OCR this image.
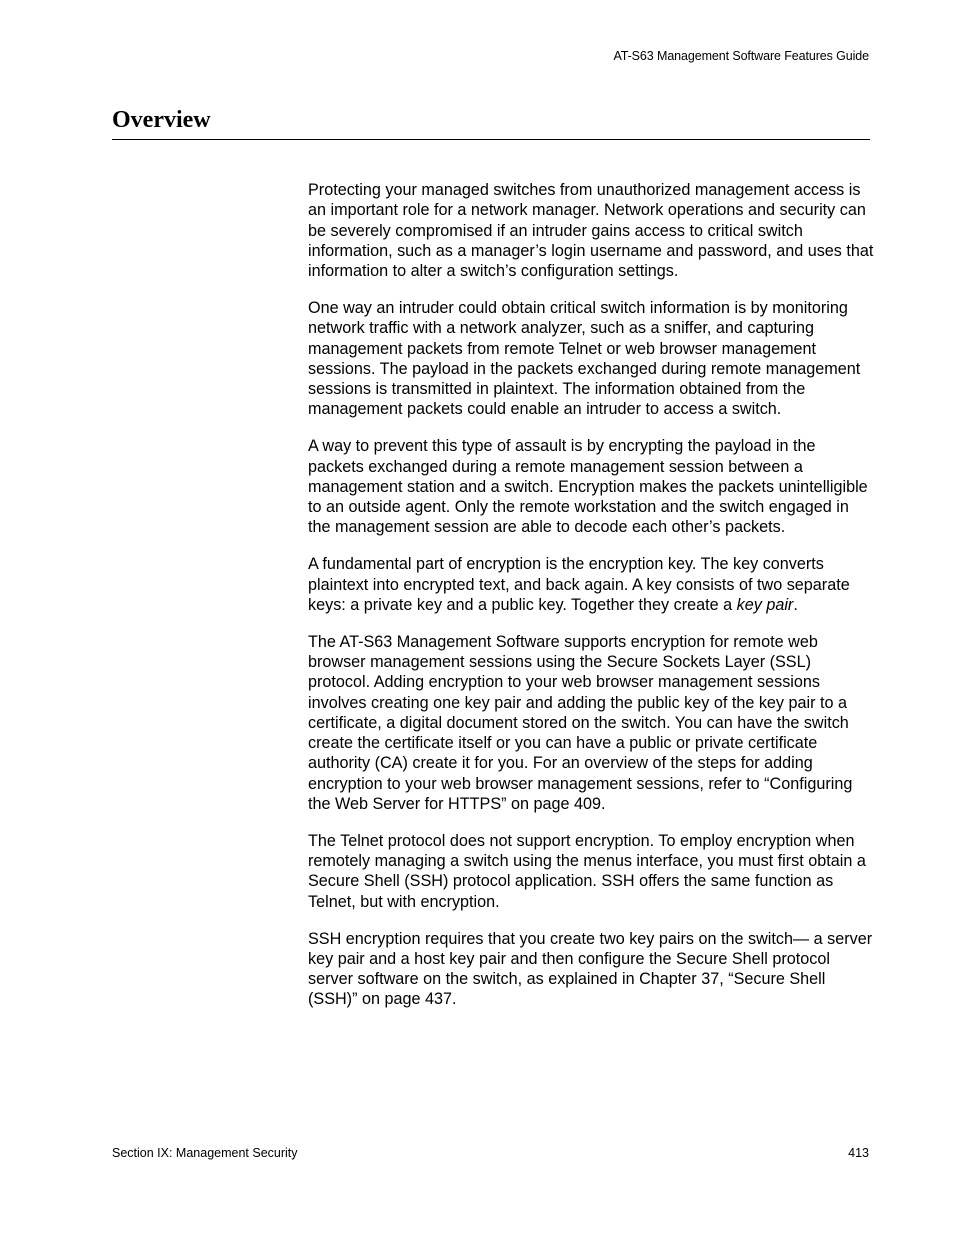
AT-S63 Management Software Features Guide
Overview

Protecting your managed switches from unauthorized management access is an important role for a network manager. Network operations and security can be severely compromised if an intruder gains access to critical switch information, such as a manager’s login username and password, and uses that information to alter a switch’s configuration settings.

One way an intruder could obtain critical switch information is by monitoring network traffic with a network analyzer, such as a sniffer, and capturing management packets from remote Telnet or web browser management sessions. The payload in the packets exchanged during remote management sessions is transmitted in plaintext. The information obtained from the management packets could enable an intruder to access a switch.

A way to prevent this type of assault is by encrypting the payload in the packets exchanged during a remote management session between a management station and a switch. Encryption makes the packets unintelligible to an outside agent. Only the remote workstation and the switch engaged in the management session are able to decode each other’s packets.

A fundamental part of encryption is the encryption key. The key converts plaintext into encrypted text, and back again. A key consists of two separate keys: a private key and a public key. Together they create a key pair.

The AT-S63 Management Software supports encryption for remote web browser management sessions using the Secure Sockets Layer (SSL) protocol. Adding encryption to your web browser management sessions involves creating one key pair and adding the public key of the key pair to a certificate, a digital document stored on the switch. You can have the switch create the certificate itself or you can have a public or private certificate authority (CA) create it for you. For an overview of the steps for adding encryption to your web browser management sessions, refer to “Configuring the Web Server for HTTPS” on page 409.

The Telnet protocol does not support encryption. To employ encryption when remotely managing a switch using the menus interface, you must first obtain a Secure Shell (SSH) protocol application. SSH offers the same function as Telnet, but with encryption.

SSH encryption requires that you create two key pairs on the switch— a server key pair and a host key pair and then configure the Secure Shell protocol server software on the switch, as explained in Chapter 37, “Secure Shell (SSH)” on page 437.

Section IX: Management Security	413
